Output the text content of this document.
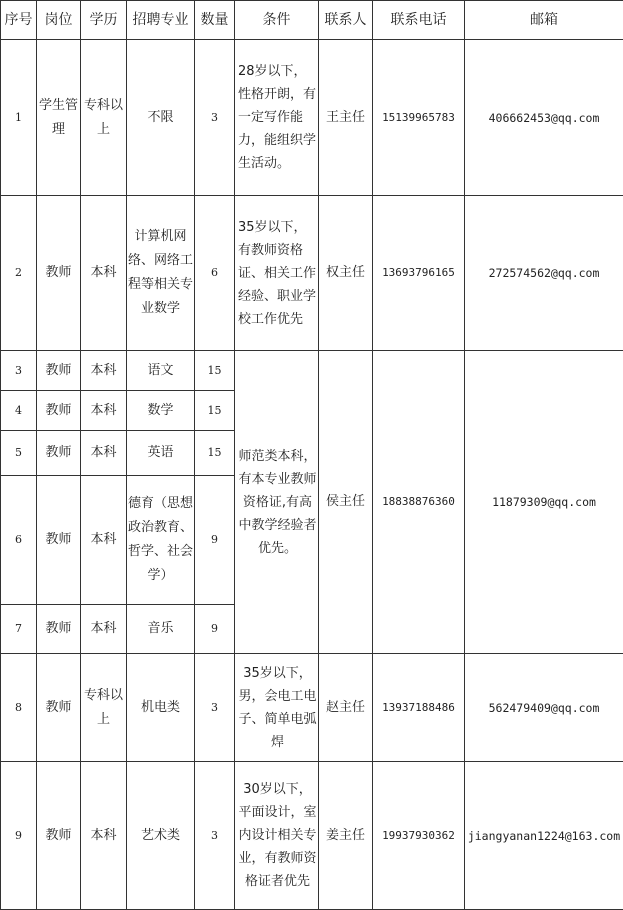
序号	岗位	学历	招聘专业	数量	条件	联系人	联系电话	邮箱
1	学生管理	专科以上	不限	3	28岁以下，性格开朗，有一定写作能力，能组织学生活动。	王主任	15139965783	406662453@qq.com
2	教师	本科	计算机网络、网络工程等相关专业数学	6	35岁以下，有教师资格证、相关工作经验、职业学校工作优先	权主任	13693796165	272574562@qq.com
3	教师	本科	语文	15	师范类本科，有本专业教师资格证,有高中教学经验者优先。	侯主任	18838876360	11879309@qq.com
4	教师	本科	数学	15				
5	教师	本科	英语	15				
6	教师	本科	德育（思想政治教育、哲学、社会学）	9				
7	教师	本科	音乐	9				
8	教师	专科以上	机电类	3	35岁以下，男，会电工电子、简单电弧焊	赵主任	13937188486	562479409@qq.com
9	教师	本科	艺术类	3	30岁以下，平面设计，室内设计相关专业，有教师资格证者优先	姜主任	19937930362	jiangyanan1224@163.com
